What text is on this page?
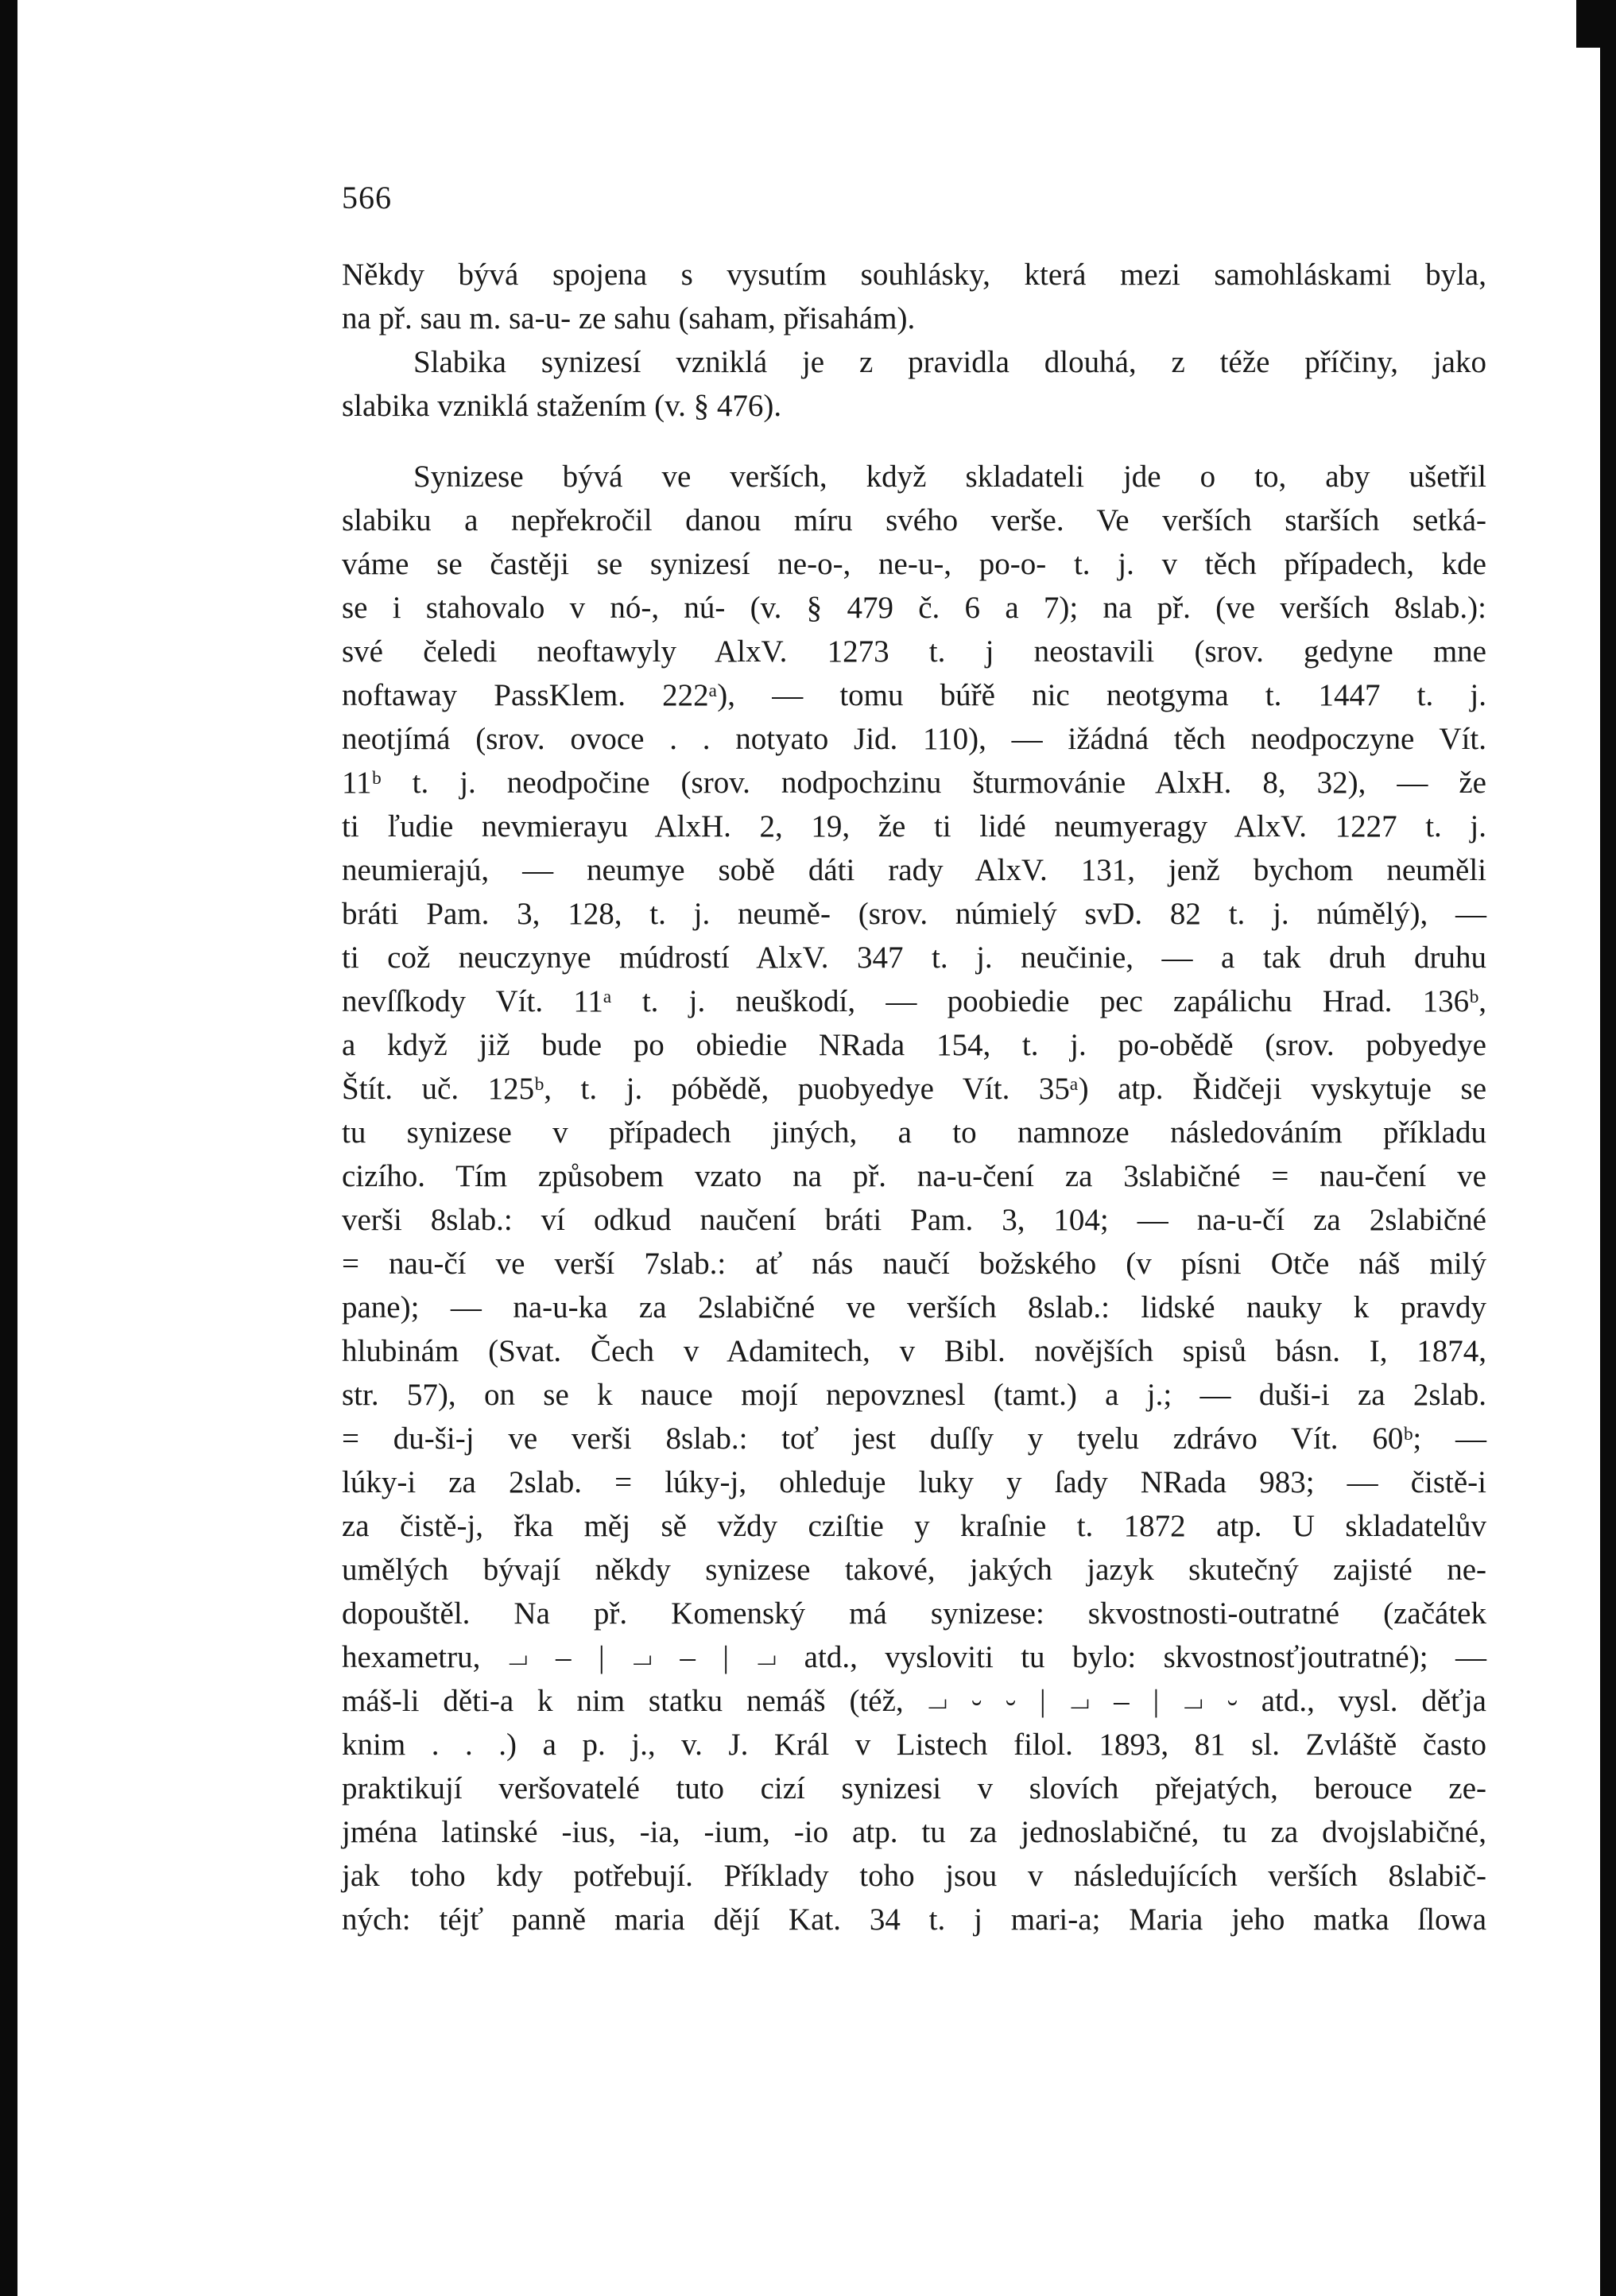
566
Někdy bývá spojena s vysutím souhlásky, která mezi samohláskami byla,
na př. sau m. sa-u- ze sahu (saham, přisahám).
Slabika synizesí vzniklá je z pravidla dlouhá, z téže příčiny, jako
slabika vzniklá stažením (v. § 476).
Synizese bývá ve verších, když skladateli jde o to, aby ušetřil
slabiku a nepřekročil danou míru svého verše. Ve verších starších setká-
váme se častěji se synizesí ne-o-, ne-u-, po-o- t. j. v těch případech, kde
se i stahovalo v nó-, nú- (v. § 479 č. 6 a 7); na př. (ve verších 8slab.):
své čeledi neoftawyly AlxV. 1273 t. j neostavili (srov. gedyne mne
noftaway PassKlem. 222ᵃ), — tomu búřě nic neotgyma t. 1447 t. j.
neotjímá (srov. ovoce . . notyato Jid. 110), — ižádná těch neodpoczyne Vít.
11ᵇ t. j. neodpočine (srov. nodpochzinu šturmovánie AlxH. 8, 32), — že
ti ľudie nevmierayu AlxH. 2, 19, že ti lidé neumyeragy AlxV. 1227 t. j.
neumierajú, — neumye sobě dáti rady AlxV. 131, jenž bychom neuměli
bráti Pam. 3, 128, t. j. neumě- (srov. númielý svD. 82 t. j. númělý), —
ti což neuczynye múdrostí AlxV. 347 t. j. neučinie, — a tak druh druhu
nevſſkody Vít. 11ᵃ t. j. neuškodí, — poobiedie pec zapálichu Hrad. 136ᵇ,
a když již bude po obiedie NRada 154, t. j. po-obědě (srov. pobyedye
Štít. uč. 125ᵇ, t. j. póbědě, puobyedye Vít. 35ᵃ) atp. Řidčeji vyskytuje se
tu synizese v případech jiných, a to namnoze následováním příkladu
cizího. Tím způsobem vzato na př. na-u-čení za 3slabičné = nau-čení ve
verši 8slab.: ví odkud naučení bráti Pam. 3, 104; — na-u-čí za 2slabičné
= nau-čí ve verší 7slab.: ať nás naučí božského (v písni Otče náš milý
pane); — na-u-ka za 2slabičné ve verších 8slab.: lidské nauky k pravdy
hlubinám (Svat. Čech v Adamitech, v Bibl. novějších spisů básn. I, 1874,
str. 57), on se k nauce mojí nepovznesl (tamt.) a j.; — duši-i za 2slab.
= du-ši-j ve verši 8slab.: toť jest duſſy y tyelu zdrávo Vít. 60ᵇ; —
lúky-i za 2slab. = lúky-j, ohleduje luky y ſady NRada 983; — čistě-i
za čistě-j, řka měj sě vždy cziſtie y kraſnie t. 1872 atp. U skladatelův
umělých bývají někdy synizese takové, jakých jazyk skutečný zajisté ne-
dopouštěl. Na př. Komenský má synizese: skvostnosti-outratné (začátek
hexametru, ⏗ – | ⏗ – | ⏗ atd., vysloviti tu bylo: skvostnosťjoutratné); —
máš-li děti-a k nim statku nemáš (též, ⏗ ⏑ ⏑ | ⏗ – | ⏗ ⏑ atd., vysl. děťja
knim . . .) a p. j., v. J. Král v Listech filol. 1893, 81 sl. Zvláště často
praktikují veršovatelé tuto cizí synizesi v slovích přejatých, berouce ze-
jména latinské -ius, -ia, -ium, -io atp. tu za jednoslabičné, tu za dvojslabičné,
jak toho kdy potřebují. Příklady toho jsou v následujících verších 8slabič-
ných: téjť panně maria dějí Kat. 34 t. j mari-a; Maria jeho matka ſlowa
